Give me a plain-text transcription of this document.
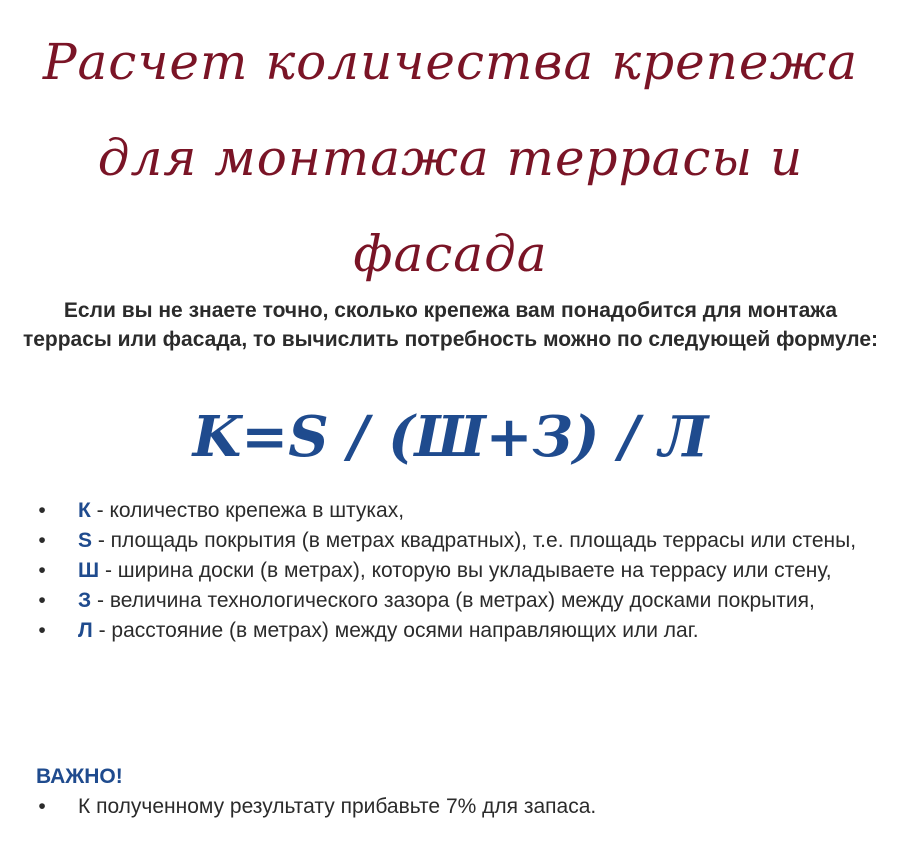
Расчет количества крепежа
для монтажа террасы и
фасада
Если вы не знаете точно, сколько крепежа вам понадобится для монтажа террасы или фасада, то вычислить потребность можно по следующей формуле:
K=S / (Ш+З) / Л
•	К - количество крепежа в штуках,
•	S - площадь покрытия (в метрах квадратных), т.е. площадь террасы или стены,
•	Ш - ширина доски (в метрах), которую вы укладываете на террасу или стену,
•	З - величина технологического зазора (в метрах) между досками покрытия,
•	Л - расстояние (в метрах) между осями направляющих или лаг.
ВАЖНО!
•	К полученному результату прибавьте 7% для запаса.
